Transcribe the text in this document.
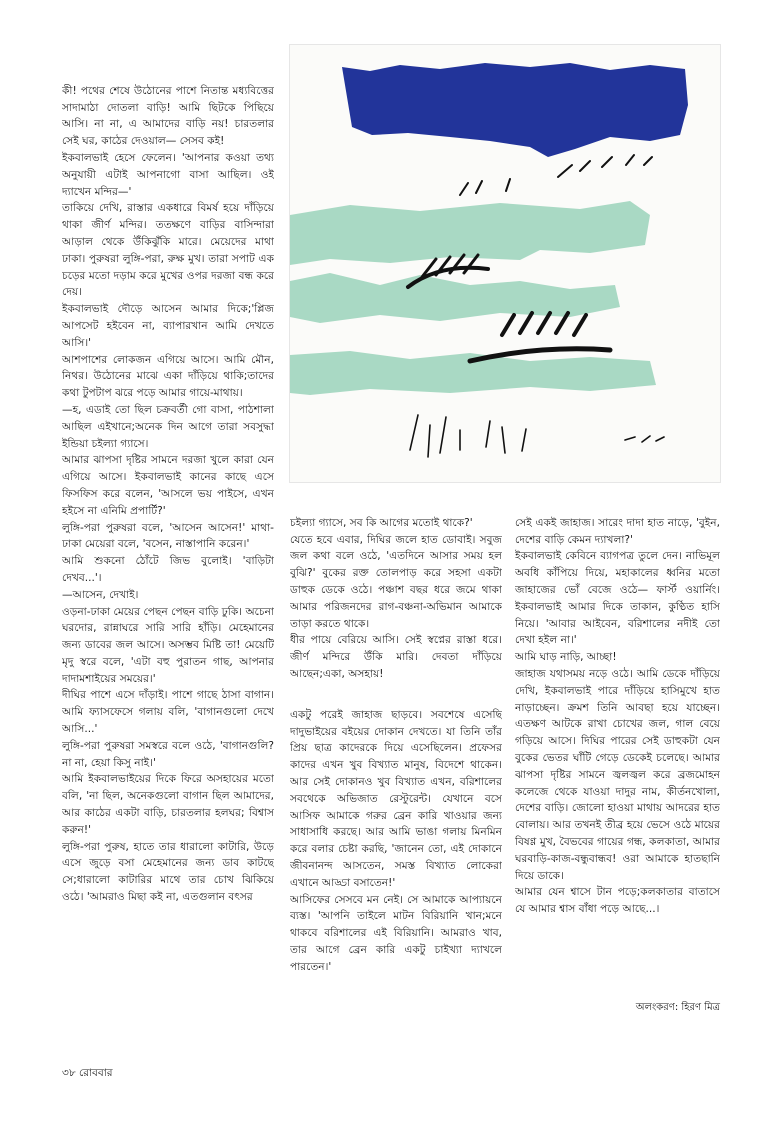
কী! পথের শেষে উঠোনের পাশে নিতান্ত মধ্যবিত্তের সাদামাঠা দোতলা বাড়ি! আমি ছিটকে পিছিয়ে আসি। না না, এ আমাদের বাড়ি নয়! চারতলার সেই ঘর, কাঠের দেওয়াল— সেসব কই!
ইকবালভাই হেসে ফেলেন। 'আপনার কওয়া তথ্য অনুযায়ী এটাই আপনাগো বাসা আছিল। ওই দ্যাখেন মন্দির—'
তাকিয়ে দেখি, রাস্তার একধারে বিমর্ষ হয়ে দাঁড়িয়ে থাকা জীর্ণ মন্দির। ততক্ষণে বাড়ির বাসিন্দারা আড়াল থেকে উঁকিঝুঁকি মারে। মেয়েদের মাথা ঢাকা। পুরুষরা লুঙ্গি-পরা, রুক্ষ মুখ। তারা সপাট এক চড়ের মতো দড়াম করে মুখের ওপর দরজা বন্ধ করে দেয়।
ইকবালভাই দৌড়ে আসেন আমার দিকে;'প্লিজ আপসেট হইবেন না, ব্যাপারখান আমি দেখতে আসি।'
আশপাশের লোকজন এগিয়ে আসে। আমি মৌন, নিথর। উঠোনের মাঝে একা দাঁড়িয়ে থাকি;তাদের কথা টুপটাপ ঝরে পড়ে আমার গায়ে-মাথায়।
—হ, এডাই তো ছিল চক্রবর্তী গো বাসা, পাঠশালা আছিল এইখানে;অনেক দিন আগে তারা সবসুদ্ধা ইন্ডিয়া চইল্যা গ্যাসে।
আমার ঝাপসা দৃষ্টির সামনে দরজা খুলে কারা যেন এগিয়ে আসে। ইকবালভাই কানের কাছে এসে ফিসফিস করে বলেন, 'আসলে ভয় পাইসে, এখন হইসে না এনিমি প্রপার্টি?'
লুঙ্গি-পরা পুরুষরা বলে, 'আসেন আসেন!' মাথা-ঢাকা মেয়েরা বলে, 'বসেন, নাস্তাপানি করেন।'
আমি শুকনো ঠোঁটে জিভ বুলোই। 'বাড়িটা দেখব...'।
—আসেন, দেখাই।
ওড়না-ঢাকা মেয়ের পেছন পেছন বাড়ি ঢুকি। অচেনা ঘরদোর, রান্নাঘরে সারি সারি হাঁড়ি। মেহেমানের জন্য ডাবের জল আসে। অসম্ভব মিষ্টি তা! মেয়েটি মৃদু স্বরে বলে, 'এটা বহু পুরাতন গাছ, আপনার দাদামশাইয়ের সময়ের।'
দীঘির পাশে এসে দাঁড়াই। পাশে গাছে ঠাসা বাগান। আমি ফ্যাসফেসে গলায় বলি, 'বাগানগুলো দেখে আসি...'
লুঙ্গি-পরা পুরুষরা সমস্বরে বলে ওঠে, 'বাগানগুলি? না না, হেয়া কিসু নাই।'
আমি ইকবালভাইয়ের দিকে ফিরে অসহায়ের মতো বলি, 'না ছিল, অনেকগুলো বাগান ছিল আমাদের, আর কাঠের একটা বাড়ি, চারতলার হলঘর; বিশ্বাস করুন!'
লুঙ্গি-পরা পুরুষ, হাতে তার ধারালো কাটারি, উড়ে এসে জুড়ে বসা মেহেমানের জন্য ডাব কাটছে সে;ধারালো কাটারির মাথে তার চোখ ঝিকিয়ে ওঠে। 'আমরাও মিছা কই না, এতগুলান বৎসর

চইল্যা গ্যাসে, সব কি আগের মতোই থাকে?'
যেতে হবে এবার, দিঘির জলে হাত ডোবাই। সবুজ জল কথা বলে ওঠে, 'এতদিনে আসার সময় হল বুঝি?' বুকের রক্ত তোলপাড় করে সহসা একটা ডাহুক ডেকে ওঠে। পঞ্চাশ বছর ধরে জমে থাকা আমার পরিজনদের রাগ-বঞ্চনা-অভিমান আমাকে তাড়া করতে থাকে।
ধীর পায়ে বেরিয়ে আসি। সেই স্বপ্নের রাস্তা ধরে। জীর্ণ মন্দিরে উঁকি মারি। দেবতা দাঁড়িয়ে আছেন;একা, অসহায়!

একটু পরেই জাহাজ ছাড়বে। সবশেষে এসেছি দাদুভাইয়ের বইয়ের দোকান দেখতে। যা তিনি তাঁর প্রিয় ছাত্র কাদেরকে দিয়ে এসেছিলেন। প্রফেসর কাদের এখন খুব বিখ্যাত মানুষ, বিদেশে থাকেন। আর সেই দোকানও খুব বিখ্যাত এখন, বরিশালের সবথেকে অভিজাত রেস্টুরেন্ট। যেখানে বসে আসিফ আমাকে গরুর ব্রেন কারি খাওয়ার জন্য সাধাসাধি করছে। আর আমি ভাঙা গলায় মিনমিন করে বলার চেষ্টা করছি, 'জানেন তো, এই দোকানে জীবনানন্দ আসতেন, সমস্ত বিখ্যাত লোকেরা এখানে আড্ডা বসাতেন!'
আসিফের সেসবে মন নেই। সে আমাকে আপ্যায়নে ব্যস্ত। 'আপনি তাইলে মাটন বিরিয়ানি খান;মনে থাকবে বরিশালের এই বিরিয়ানি। আমরাও খাব, তার আগে ব্রেন কারি একটু চাইখ্যা দ্যাখলে পারতেন।'

সেই একই জাহাজ। সারেং দাদা হাত নাড়ে, 'বুইন, দেশের বাড়ি কেমন দ্যাখলা?'
ইকবালভাই কেবিনে ব্যাগপত্র তুলে দেন। নাভিমূল অবধি কাঁপিয়ে দিয়ে, মহাকালের ধ্বনির মতো জাহাজের ভোঁ বেজে ওঠে— ফার্স্ট ওয়ার্নিং। ইকবালভাই আমার দিকে তাকান, কুণ্ঠিত হাসি নিয়ে। 'আবার আইবেন, বরিশালের নদীই তো দেখা হইল না।'
আমি ঘাড় নাড়ি, আচ্ছা!
জাহাজ যথাসময় নড়ে ওঠে। আমি ডেকে দাঁড়িয়ে দেখি, ইকবালভাই পারে দাঁড়িয়ে হাসিমুখে হাত নাড়াচ্ছেন। ক্রমশ তিনি আবছা হয়ে যাচ্ছেন। এতক্ষণ আটকে রাখা চোখের জল, গাল বেয়ে গড়িয়ে আসে। দিঘির পারের সেই ডাহুকটা যেন বুকের ভেতর ঘাঁটি গেড়ে ডেকেই চলেছে। আমার ঝাপসা দৃষ্টির সামনে জ্বলজ্বল করে ব্রজমোহন কলেজে থেকে যাওয়া দাদুর নাম, কীর্তনখোলা, দেশের বাড়ি। জোলো হাওয়া মাথায় আদরের হাত বোলায়। আর তখনই তীব্র হয়ে ভেসে ওঠে মায়ের বিষণ্ণ মুখ, বৈভবের গায়ের গন্ধ, কলকাতা, আমার ঘরবাড়ি-কাজ-বন্ধুবান্ধব! ওরা আমাকে হাতছানি দিয়ে ডাকে।
আমার যেন শ্বাসে টান পড়ে;কলকাতার বাতাসে যে আমার শ্বাস বাঁধা পড়ে আছে...।

অলংকরণ: হিরণ মিত্র
৩৮ রোববার
